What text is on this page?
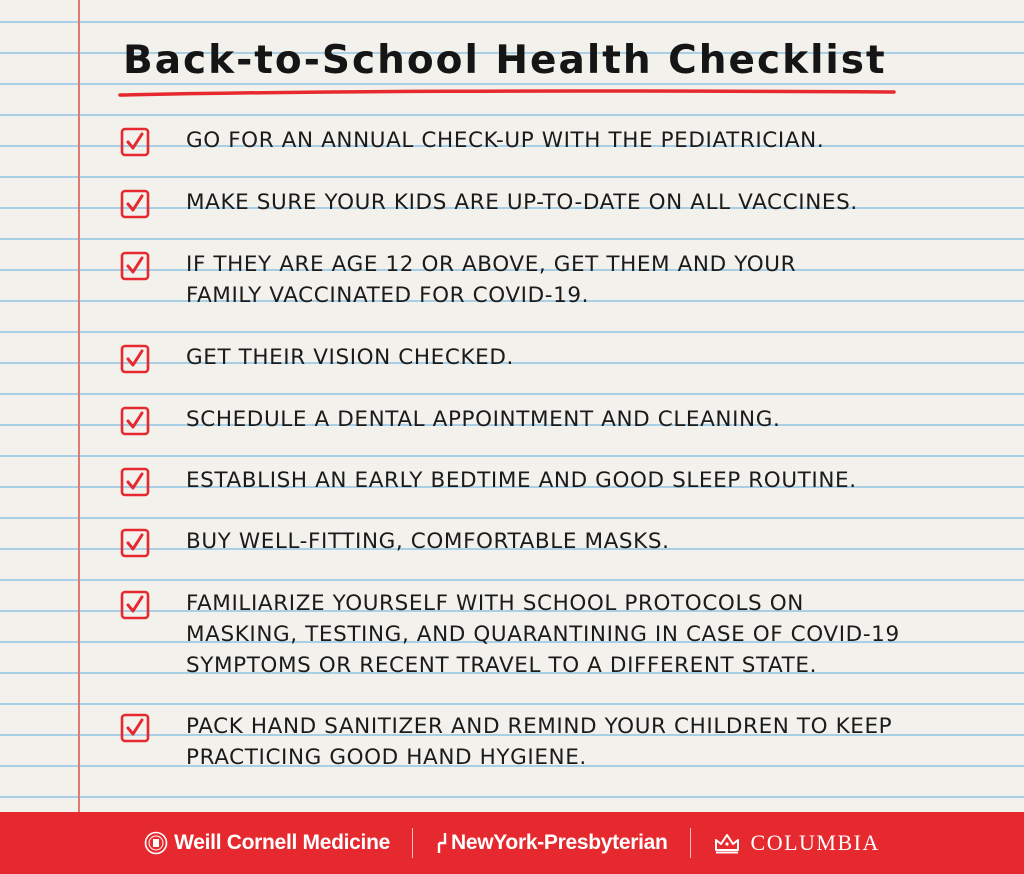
Back-to-School Health Checklist
GO FOR AN ANNUAL CHECK-UP WITH THE PEDIATRICIAN.
MAKE SURE YOUR KIDS ARE UP-TO-DATE ON ALL VACCINES.
IF THEY ARE AGE 12 OR ABOVE, GET THEM AND YOUR
FAMILY VACCINATED FOR COVID-19.
GET THEIR VISION CHECKED.
SCHEDULE A DENTAL APPOINTMENT AND CLEANING.
ESTABLISH AN EARLY BEDTIME AND GOOD SLEEP ROUTINE.
BUY WELL-FITTING, COMFORTABLE MASKS.
FAMILIARIZE YOURSELF WITH SCHOOL PROTOCOLS ON
MASKING, TESTING, AND QUARANTINING IN CASE OF COVID-19
SYMPTOMS OR RECENT TRAVEL TO A DIFFERENT STATE.
PACK HAND SANITIZER AND REMIND YOUR CHILDREN TO KEEP
PRACTICING GOOD HAND HYGIENE.
Weill Cornell Medicine	NewYork-Presbyterian	COLUMBIA
